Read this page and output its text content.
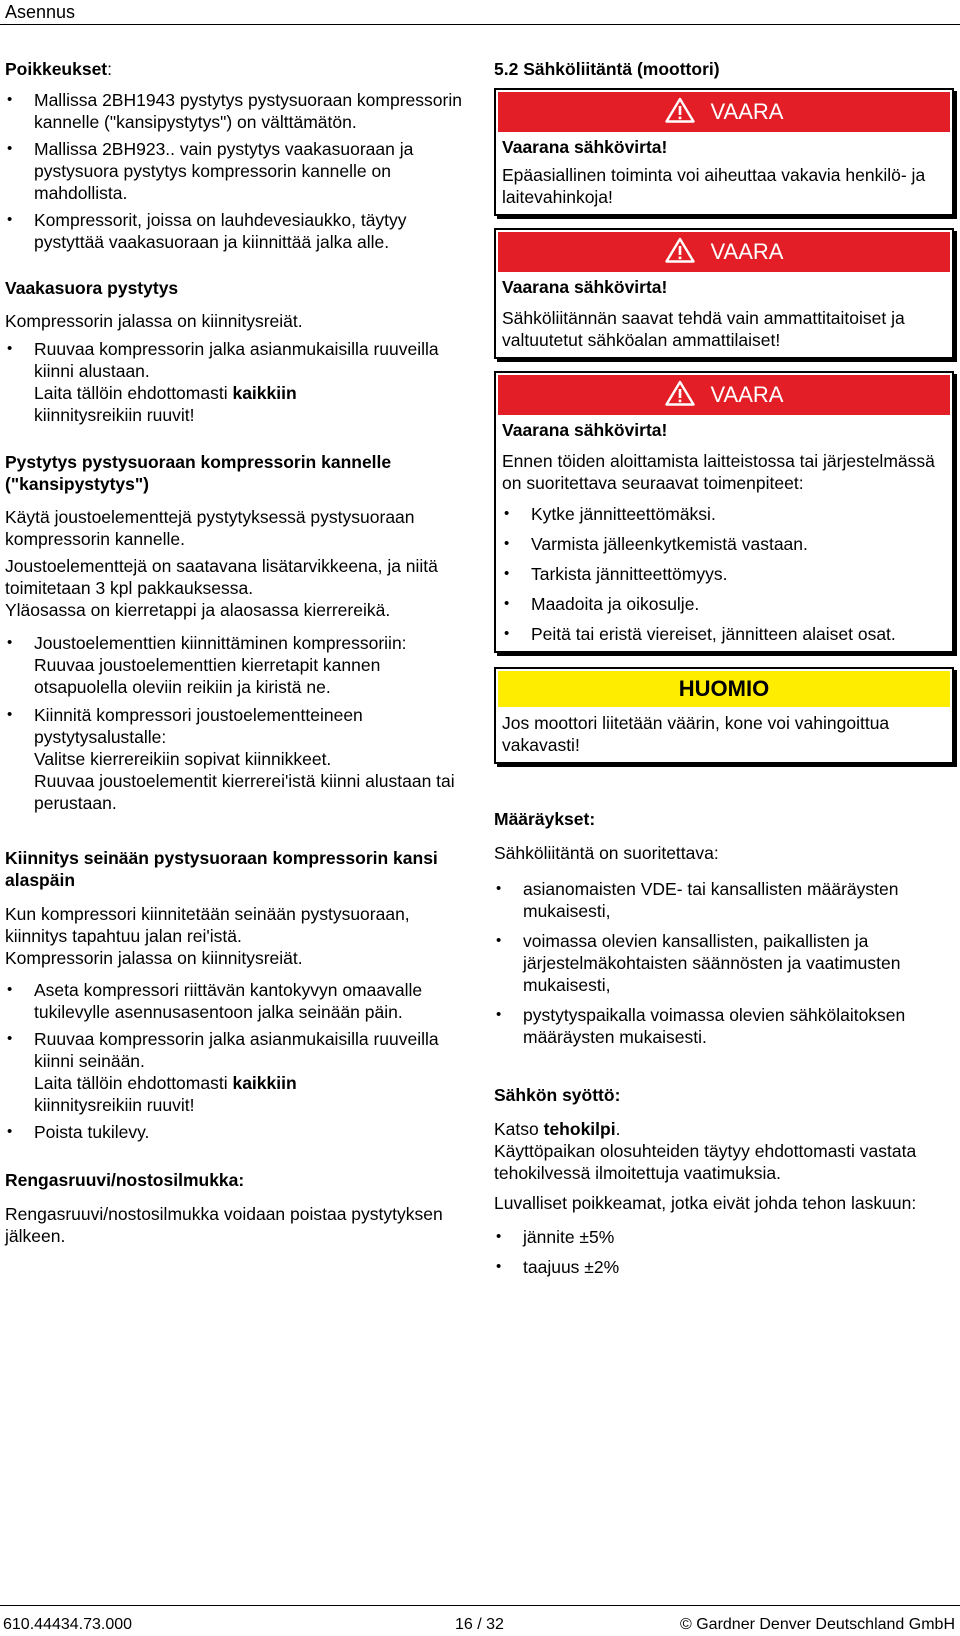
Asennus

Poikkeukset:

• Mallissa 2BH1943 pystytys pystysuoraan kompressorin kannelle ("kansipystytys") on välttämätön.
• Mallissa 2BH923.. vain pystytys vaakasuoraan ja pystysuora pystytys kompressorin kannelle on mahdollista.
• Kompressorit, joissa on lauhdevesiaukko, täytyy pystyttää vaakasuoraan ja kiinnittää jalka alle.
Vaakasuora pystytys

Kompressorin jalassa on kiinnitysreiät.

• Ruuvaa kompressorin jalka asianmukaisilla ruuveilla kiinni alustaan.
Laita tällöin ehdottomasti kaikkiin
kiinnitysreikiin ruuvit!
Pystytys pystysuoraan kompressorin kannelle ("kansipystytys")

Käytä joustoelementtejä pystytyksessä pystysuoraan kompressorin kannelle.

Joustoelementtejä on saatavana lisätarvikkeena, ja niitä toimitetaan 3 kpl pakkauksessa.

Yläosassa on kierretappi ja alaosassa kierrereikä.

• Joustoelementtien kiinnittäminen kompressoriin:
Ruuvaa joustoelementtien kierretapit kannen otsapuolella oleviin reikiin ja kiristä ne.
• Kiinnitä kompressori joustoelementteineen pystytysalustalle:
Valitse kierrereikiin sopivat kiinnikkeet.
Ruuvaa joustoelementit kierrerei'istä kiinni alustaan tai perustaan.
Kiinnitys seinään pystysuoraan kompressorin kansi alaspäin

Kun kompressori kiinnitetään seinään pystysuoraan, kiinnitys tapahtuu jalan rei'istä.

Kompressorin jalassa on kiinnitysreiät.

• Aseta kompressori riittävän kantokyvyn omaavalle tukilevylle asennusasentoon jalka seinään päin.
• Ruuvaa kompressorin jalka asianmukaisilla ruuveilla kiinni seinään.
Laita tällöin ehdottomasti kaikkiin
kiinnitysreikiin ruuvit!
• Poista tukilevy.
Rengasruuvi/nostosilmukka:

Rengasruuvi/nostosilmukka voidaan poistaa pystytyksen jälkeen.

5.2 Sähköliitäntä (moottori)

VAARA

Vaarana sähkövirta!

Epäasiallinen toiminta voi aiheuttaa vakavia henkilö- ja laitevahinkoja!

VAARA

Vaarana sähkövirta!

Sähköliitännän saavat tehdä vain ammattitaitoiset ja valtuutetut sähköalan ammattilaiset!

VAARA

Vaarana sähkövirta!

Ennen töiden aloittamista laitteistossa tai järjestelmässä on suoritettava seuraavat toimenpiteet:

• Kytke jännitteettömäksi.
• Varmista jälleenkytkemistä vastaan.
• Tarkista jännitteettömyys.
• Maadoita ja oikosulje.
• Peitä tai eristä viereiset, jännitteen alaiset osat.
HUOMIO

Jos moottori liitetään väärin, kone voi vahingoittua vakavasti!

Määräykset:

Sähköliitäntä on suoritettava:

• asianomaisten VDE- tai kansallisten määräysten mukaisesti,
• voimassa olevien kansallisten, paikallisten ja järjestelmäkohtaisten säännösten ja vaatimusten mukaisesti,
• pystytyspaikalla voimassa olevien sähkölaitoksen määräysten mukaisesti.
Sähkön syöttö:

Katso tehokilpi.

Käyttöpaikan olosuhteiden täytyy ehdottomasti vastata tehokilvessä ilmoitettuja vaatimuksia.

Luvalliset poikkeamat, jotka eivät johda tehon laskuun:

• jännite ±5%
• taajuus ±2%
610.44434.73.000	16 / 32	© Gardner Denver Deutschland GmbH
